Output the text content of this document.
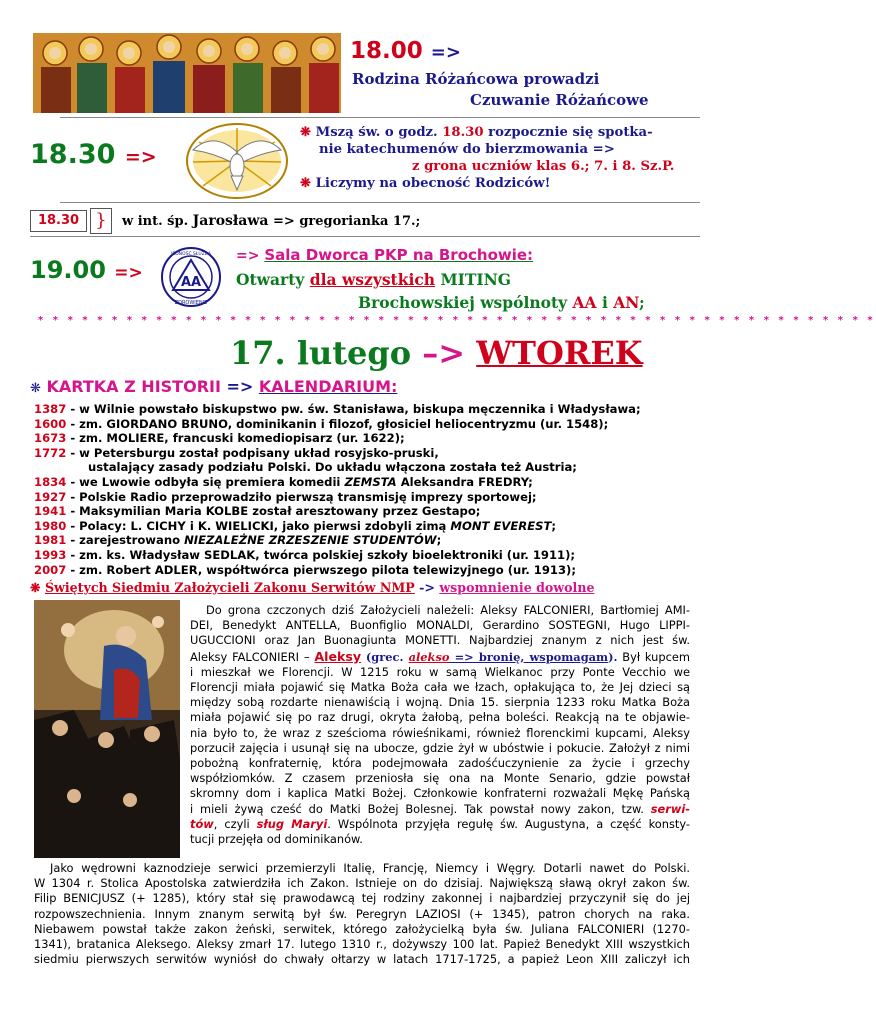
18.00 =>
Rodzina Różańcowa prowadzi
Czuwanie Różańcowe
18.30 =>
❋ Mszą św. o godz. 18.30 rozpocznie się spotka-
nie katechumenów do bierzmowania =>
z grona uczniów klas 6.; 7. i 8. Sz.P.
❋ Liczymy na obecność Rodziców!
18.30 }	w int. śp. Jarosława => gregorianka 17.;
19.00 =>	AA
JEDNOŚĆ SŁUŻBA
ZDROWIENIE
=> Sala Dworca PKP na Brochowie:
Otwarty dla wszystkich MITING
Brochowskiej wspólnoty AA i AN;
* * * * * * * * * * * * * * * * * * * * * * * * * * * * * * * * * * * * * * * * * * * * * * * * * * * * * * * * *
17. lutego –> WTOREK
❋ KARTKA Z HISTORII => KALENDARIUM:
1387 - w Wilnie powstało biskupstwo pw. św. Stanisława, biskupa męczennika i Władysława;
1600 - zm. GIORDANO BRUNO, dominikanin i filozof, głosiciel heliocentryzmu (ur. 1548);
1673 - zm. MOLIERE, francuski komediopisarz (ur. 1622);
1772 - w Petersburgu został podpisany układ rosyjsko-pruski,
ustalający zasady podziału Polski. Do układu włączona została też Austria;
1834 - we Lwowie odbyła się premiera komedii ZEMSTA Aleksandra FREDRY;
1927 - Polskie Radio przeprowadziło pierwszą transmisję imprezy sportowej;
1941 - Maksymilian Maria KOLBE został aresztowany przez Gestapo;
1980 - Polacy: L. CICHY i K. WIELICKI, jako pierwsi zdobyli zimą MONT EVEREST;
1981 - zarejestrowano NIEZALEŻNE ZRZESZENIE STUDENTÓW;
1993 - zm. ks. Władysław SEDLAK, twórca polskiej szkoły bioelektroniki (ur. 1911);
2007 - zm. Robert ADLER, współtwórca pierwszego pilota telewizyjnego (ur. 1913);
❋ Świętych Siedmiu Założycieli Zakonu Serwitów NMP -> wspomnienie dowolne
Do grona czczonych dziś Założycieli należeli: Aleksy FALCONIERI, Bartłomiej AMI-
DEI, Benedykt ANTELLA, Buonfiglio MONALDI, Gerardino SOSTEGNI, Hugo LIPPI-
UGUCCIONI oraz Jan Buonagiunta MONETTI. Najbardziej znanym z nich jest św.
Aleksy FALCONIERI – Aleksy (grec. alekso => bronię, wspomagam). Był kupcem
i mieszkał we Florencji. W 1215 roku w samą Wielkanoc przy Ponte Vecchio we
Florencji miała pojawić się Matka Boża cała we łzach, opłakująca to, że Jej dzieci są
między sobą rozdarte nienawiścią i wojną. Dnia 15. sierpnia 1233 roku Matka Boża
miała pojawić się po raz drugi, okryta żałobą, pełna boleści. Reakcją na te objawie-
nia było to, że wraz z sześcioma rówieśnikami, również florenckimi kupcami, Aleksy
porzucił zajęcia i usunął się na ubocze, gdzie żył w ubóstwie i pokucie. Założył z nimi
pobożną konfraternię, która podejmowała zadośćuczynienie za życie i grzechy
współziomków. Z czasem przeniosła się ona na Monte Senario, gdzie powstał
skromny dom i kaplica Matki Bożej. Członkowie konfraterni rozważali Mękę Pańską
i mieli żywą cześć do Matki Bożej Bolesnej. Tak powstał nowy zakon, tzw. serwi-
tów, czyli sług Maryi. Wspólnota przyjęła regułę św. Augustyna, a część konsty-
tucji przejęła od dominikanów.
Jako wędrowni kaznodzieje serwici przemierzyli Italię, Francję, Niemcy i Węgry. Dotarli nawet do Polski.
W 1304 r. Stolica Apostolska zatwierdziła ich Zakon. Istnieje on do dzisiaj. Największą sławą okrył zakon św.
Filip BENICJUSZ (+ 1285), który stał się prawodawcą tej rodziny zakonnej i najbardziej przyczynił się do jej
rozpowszechnienia. Innym znanym serwitą był św. Peregryn LAZIOSI (+ 1345), patron chorych na raka.
Niebawem powstał także zakon żeński, serwitek, którego założycielką była św. Juliana FALCONIERI (1270-
1341), bratanica Aleksego. Aleksy zmarł 17. lutego 1310 r., dożywszy 100 lat. Papież Benedykt XIII wszystkich
siedmiu pierwszych serwitów wyniósł do chwały ołtarzy w latach 1717-1725, a papież Leon XIII zaliczył ich
